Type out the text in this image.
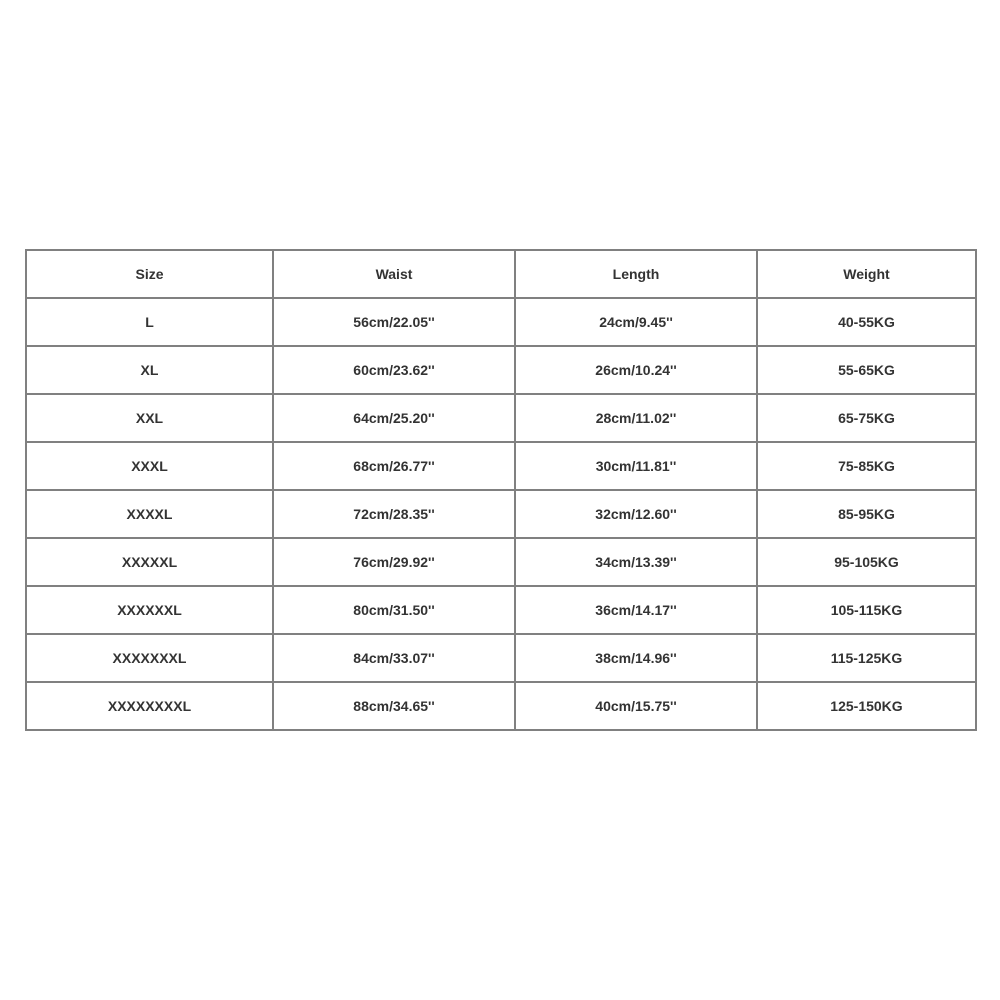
Size	Waist	Length	Weight
L	56cm/22.05''	24cm/9.45''	40-55KG
XL	60cm/23.62''	26cm/10.24''	55-65KG
XXL	64cm/25.20''	28cm/11.02''	65-75KG
XXXL	68cm/26.77''	30cm/11.81''	75-85KG
XXXXL	72cm/28.35''	32cm/12.60''	85-95KG
XXXXXL	76cm/29.92''	34cm/13.39''	95-105KG
XXXXXXL	80cm/31.50''	36cm/14.17''	105-115KG
XXXXXXXL	84cm/33.07''	38cm/14.96''	115-125KG
XXXXXXXXL	88cm/34.65''	40cm/15.75''	125-150KG
